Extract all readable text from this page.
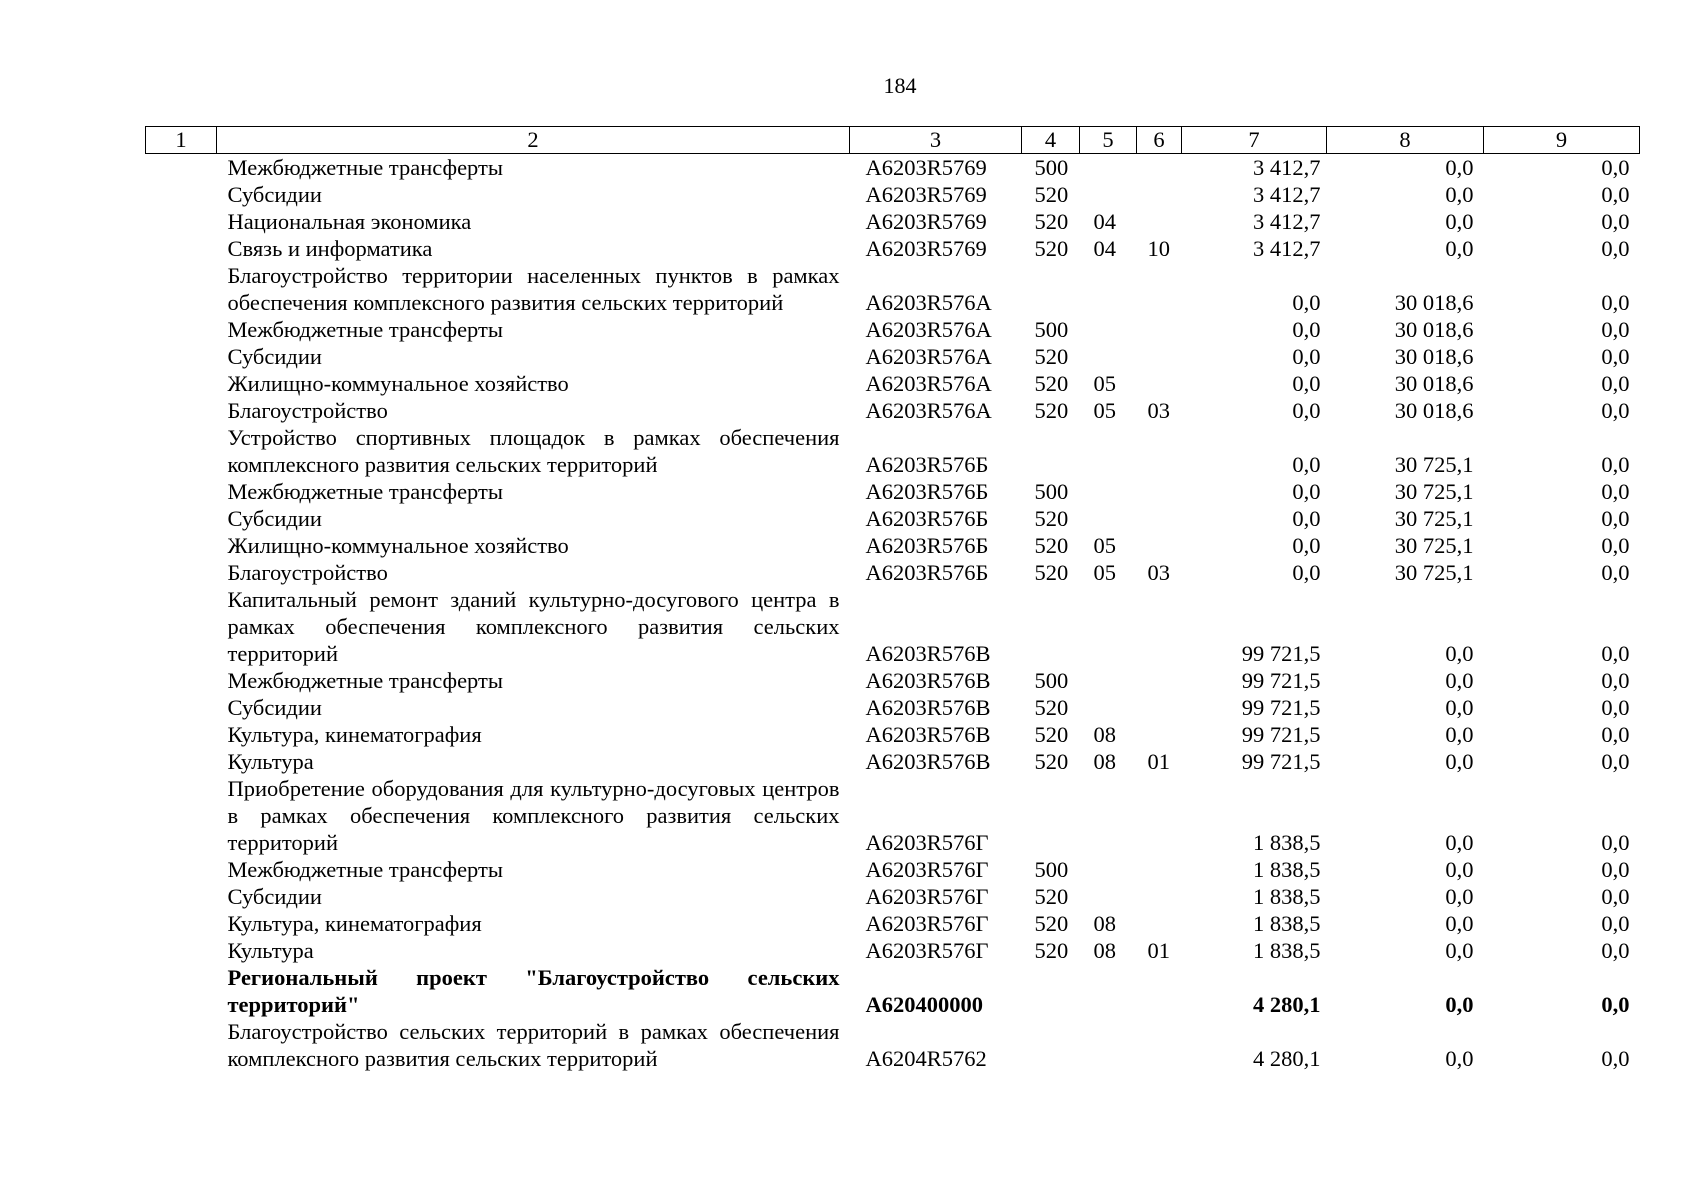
184
1	2	3	4	5	6	7	8	9
	Межбюджетные трансферты	А6203R5769	500			3 412,7	0,0	0,0
	Субсидии	А6203R5769	520			3 412,7	0,0	0,0
	Национальная экономика	А6203R5769	520	04		3 412,7	0,0	0,0
	Связь и информатика	А6203R5769	520	04	10	3 412,7	0,0	0,0
	Благоустройство территории населенных пунктов в рамках обеспечения комплексного развития сельских территорий	А6203R576А				0,0	30 018,6	0,0
	Межбюджетные трансферты	А6203R576А	500			0,0	30 018,6	0,0
	Субсидии	А6203R576А	520			0,0	30 018,6	0,0
	Жилищно-коммунальное хозяйство	А6203R576А	520	05		0,0	30 018,6	0,0
	Благоустройство	А6203R576А	520	05	03	0,0	30 018,6	0,0
	Устройство спортивных площадок в рамках обеспечения комплексного развития сельских территорий	А6203R576Б				0,0	30 725,1	0,0
	Межбюджетные трансферты	А6203R576Б	500			0,0	30 725,1	0,0
	Субсидии	А6203R576Б	520			0,0	30 725,1	0,0
	Жилищно-коммунальное хозяйство	А6203R576Б	520	05		0,0	30 725,1	0,0
	Благоустройство	А6203R576Б	520	05	03	0,0	30 725,1	0,0
	Капитальный ремонт зданий культурно-досугового центра в рамках обеспечения комплексного развития сельских территорий	А6203R576В				99 721,5	0,0	0,0
	Межбюджетные трансферты	А6203R576В	500			99 721,5	0,0	0,0
	Субсидии	А6203R576В	520			99 721,5	0,0	0,0
	Культура, кинематография	А6203R576В	520	08		99 721,5	0,0	0,0
	Культура	А6203R576В	520	08	01	99 721,5	0,0	0,0
	Приобретение оборудования для культурно-досуговых центров в рамках обеспечения комплексного развития сельских территорий	А6203R576Г				1 838,5	0,0	0,0
	Межбюджетные трансферты	А6203R576Г	500			1 838,5	0,0	0,0
	Субсидии	А6203R576Г	520			1 838,5	0,0	0,0
	Культура, кинематография	А6203R576Г	520	08		1 838,5	0,0	0,0
	Культура	А6203R576Г	520	08	01	1 838,5	0,0	0,0
	Региональный проект "Благоустройство сельских территорий"	А620400000				4 280,1	0,0	0,0
	Благоустройство сельских территорий в рамках обеспечения комплексного развития сельских территорий	А6204R5762				4 280,1	0,0	0,0
